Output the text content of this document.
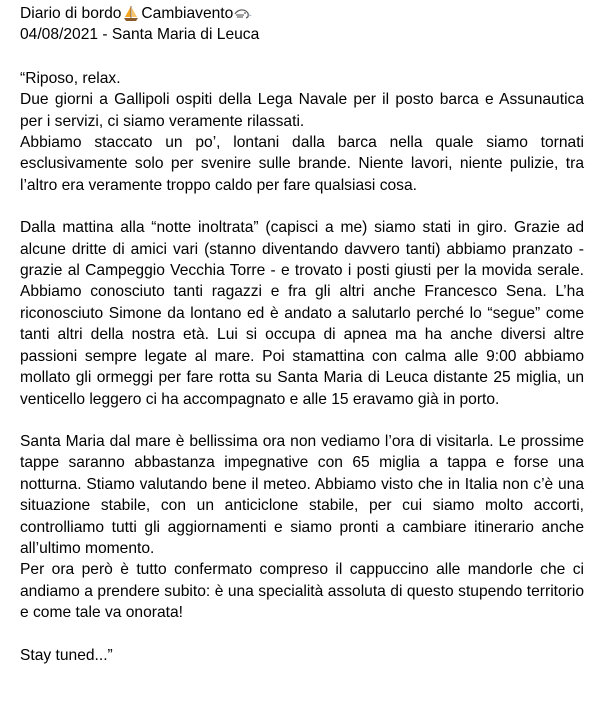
Diario di bordo Cambiavento
04/08/2021 - Santa Maria di Leuca

“Riposo, relax.

Due giorni a Gallipoli ospiti della Lega Navale per il posto barca e Assunautica per i servizi, ci siamo veramente rilassati.

Abbiamo staccato un po’, lontani dalla barca nella quale siamo tornati esclusivamente solo per svenire sulle brande. Niente lavori, niente pulizie, tra l’altro era veramente troppo caldo per fare qualsiasi cosa.

Dalla mattina alla “notte inoltrata” (capisci a me) siamo stati in giro. Grazie ad alcune dritte di amici vari (stanno diventando davvero tanti) abbiamo pranzato - grazie al Campeggio Vecchia Torre - e trovato i posti giusti per la movida serale. Abbiamo conosciuto tanti ragazzi e fra gli altri anche Francesco Sena. L’ha riconosciuto Simone da lontano ed è andato a salutarlo perché lo “segue” come tanti altri della nostra età. Lui si occupa di apnea ma ha anche diversi altre passioni sempre legate al mare. Poi stamattina con calma alle 9:00 abbiamo mollato gli ormeggi per fare rotta su Santa Maria di Leuca distante 25 miglia, un venticello leggero ci ha accompagnato e alle 15 eravamo già in porto.

Santa Maria dal mare è bellissima ora non vediamo l’ora di visitarla. Le prossime tappe saranno abbastanza impegnative con 65 miglia a tappa e forse una notturna. Stiamo valutando bene il meteo. Abbiamo visto che in Italia non c’è una situazione stabile, con un anticiclone stabile, per cui siamo molto accorti, controlliamo tutti gli aggiornamenti e siamo pronti a cambiare itinerario anche all’ultimo momento.

Per ora però è tutto confermato compreso il cappuccino alle mandorle che ci andiamo a prendere subito: è una specialità assoluta di questo stupendo territorio e come tale va onorata!

Stay tuned...”
